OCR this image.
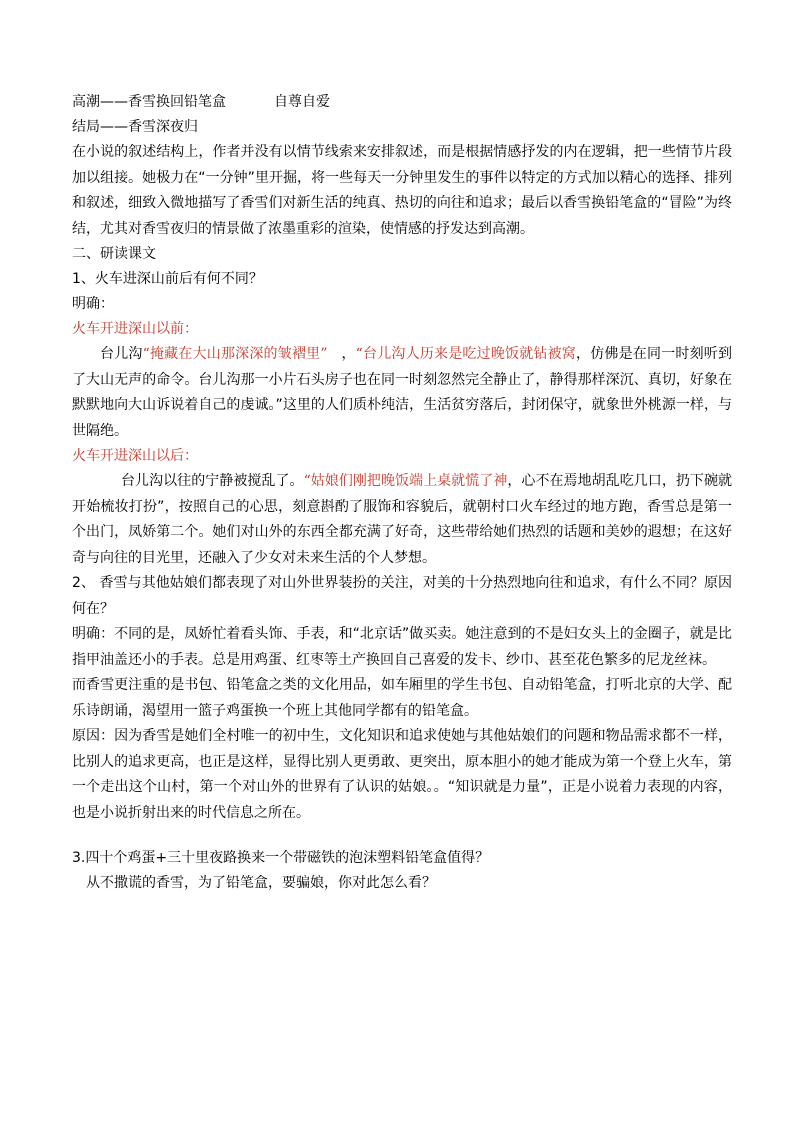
高潮——香雪换回铅笔盒	自尊自爱
结局——香雪深夜归
在小说的叙述结构上，作者并没有以情节线索来安排叙述，而是根据情感抒发的内在逻辑，把一些情节片段加以组接。她极力在“一分钟”里开掘，将一些每天一分钟里发生的事件以特定的方式加以精心的选择、排列和叙述，细致入微地描写了香雪们对新生活的纯真、热切的向往和追求；最后以香雪换铅笔盒的“冒险”为终结，尤其对香雪夜归的情景做了浓墨重彩的渲染，使情感的抒发达到高潮。
二、研读课文
1、火车进深山前后有何不同？
明确：
火车开进深山以前：
台儿沟“掩藏在大山那深深的皱褶里” ，“台儿沟人历来是吃过晚饭就钻被窝，仿佛是在同一时刻听到了大山无声的命令。台儿沟那一小片石头房子也在同一时刻忽然完全静止了，静得那样深沉、真切，好象在默默地向大山诉说着自己的虔诚。”这里的人们质朴纯洁，生活贫穷落后，封闭保守，就象世外桃源一样，与世隔绝。
火车开进深山以后：
台儿沟以往的宁静被搅乱了。“姑娘们刚把晚饭端上桌就慌了神，心不在焉地胡乱吃几口，扔下碗就开始梳妆打扮”，按照自己的心思，刻意斟酌了服饰和容貌后，就朝村口火车经过的地方跑，香雪总是第一个出门，凤娇第二个。她们对山外的东西全都充满了好奇，这些带给她们热烈的话题和美妙的遐想；在这好奇与向往的目光里，还融入了少女对未来生活的个人梦想。
2、 香雪与其他姑娘们都表现了对山外世界装扮的关注，对美的十分热烈地向往和追求，有什么不同？原因何在？
明确：不同的是，凤娇忙着看头饰、手表，和“北京话”做买卖。她注意到的不是妇女头上的金圈子，就是比指甲油盖还小的手表。总是用鸡蛋、红枣等土产换回自己喜爱的发卡、纱巾、甚至花色繁多的尼龙丝袜。
而香雪更注重的是书包、铅笔盒之类的文化用品，如车厢里的学生书包、自动铅笔盒，打听北京的大学、配乐诗朗诵，渴望用一篮子鸡蛋换一个班上其他同学都有的铅笔盒。
原因：因为香雪是她们全村唯一的初中生，文化知识和追求使她与其他姑娘们的问题和物品需求都不一样，比别人的追求更高，也正是这样，显得比别人更勇敢、更突出，原本胆小的她才能成为第一个登上火车，第一个走出这个山村，第一个对山外的世界有了认识的姑娘。。“知识就是力量”，正是小说着力表现的内容，也是小说折射出来的时代信息之所在。
3.四十个鸡蛋+三十里夜路换来一个带磁铁的泡沫塑料铅笔盒值得？
从不撒谎的香雪，为了铅笔盒，要骗娘，你对此怎么看？
